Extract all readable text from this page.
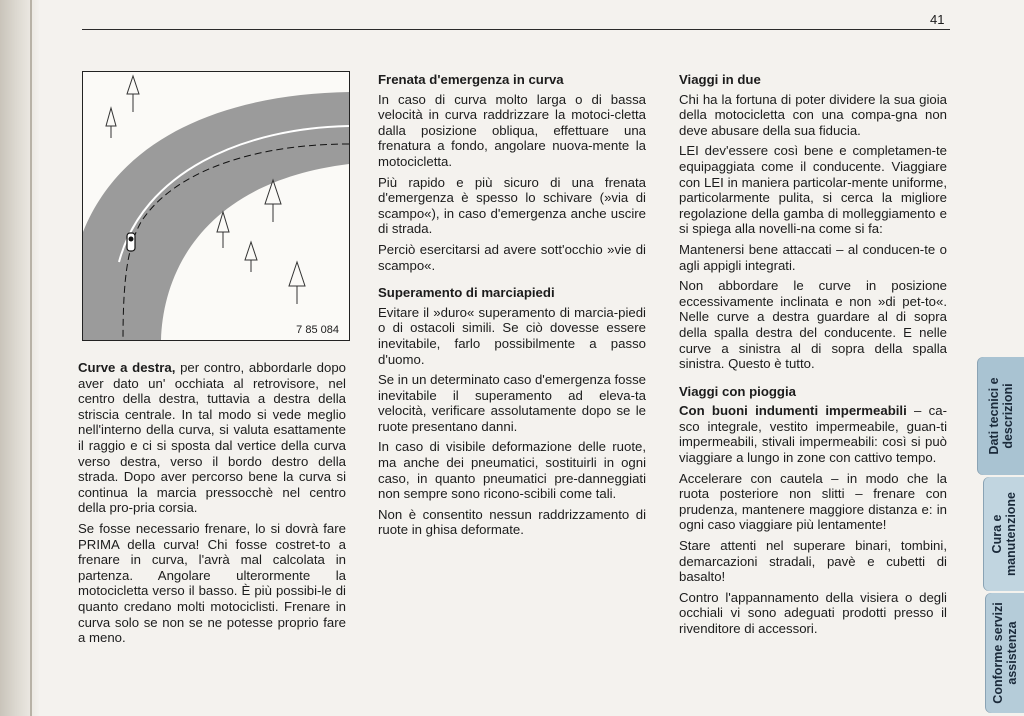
41
7 85 084

Curve a destra, per contro, abbordarle dopo aver dato un' occhiata al retrovisore, nel centro della destra, tuttavia a destra della striscia centrale. In tal modo si vede meglio nell'interno della curva, si valuta esattamente il raggio e ci si sposta dal vertice della curva verso destra, verso il bordo destro della strada. Dopo aver percorso bene la curva si continua la marcia pressocchè nel centro della pro-pria corsia.

Se fosse necessario frenare, lo si dovrà fare PRIMA della curva! Chi fosse costret-to a frenare in curva, l'avrà mal calcolata in partenza. Angolare ulterormente la motocicletta verso il basso. È più possibi-le di quanto credano molti motociclisti. Frenare in curva solo se non se ne potesse proprio fare a meno.

Frenata d'emergenza in curva

In caso di curva molto larga o di bassa velocità in curva raddrizzare la motoci-cletta dalla posizione obliqua, effettuare una frenatura a fondo, angolare nuova-mente la motocicletta.

Più rapido e più sicuro di una frenata d'emergenza è spesso lo schivare (»via di scampo«), in caso d'emergenza anche uscire di strada.

Perciò esercitarsi ad avere sott'occhio »vie di scampo«.

Superamento di marciapiedi

Evitare il »duro« superamento di marcia-piedi o di ostacoli simili. Se ciò dovesse essere inevitabile, farlo possibilmente a passo d'uomo.

Se in un determinato caso d'emergenza fosse inevitabile il superamento ad eleva-ta velocità, verificare assolutamente dopo se le ruote presentano danni.

In caso di visibile deformazione delle ruote, ma anche dei pneumatici, sostituirli in ogni caso, in quanto pneumatici pre-danneggiati non sempre sono ricono-scibili come tali.

Non è consentito nessun raddrizzamento di ruote in ghisa deformate.

Viaggi in due

Chi ha la fortuna di poter dividere la sua gioia della motocicletta con una compa-gna non deve abusare della sua fiducia.

LEI dev'essere così bene e completamen-te equipaggiata come il conducente. Viaggiare con LEI in maniera particolar-mente uniforme, particolarmente pulita, si cerca la migliore regolazione della gamba di molleggiamento e si spiega alla novelli-na come si fa:

Mantenersi bene attaccati – al conducen-te o agli appigli integrati.

Non abbordare le curve in posizione eccessivamente inclinata e non »di pet-to«. Nelle curve a destra guardare al di sopra della spalla destra del conducente. E nelle curve a sinistra al di sopra della spalla sinistra. Questo è tutto.

Viaggi con pioggia

Con buoni indumenti impermeabili – ca-sco integrale, vestito impermeabile, guan-ti impermeabili, stivali impermeabili: così si può viaggiare a lungo in zone con cattivo tempo.

Accelerare con cautela – in modo che la ruota posteriore non slitti – frenare con prudenza, mantenere maggiore distanza e: in ogni caso viaggiare più lentamente!

Stare attenti nel superare binari, tombini, demarcazioni stradali, pavè e cubetti di basalto!

Contro l'appannamento della visiera o degli occhiali vi sono adeguati prodotti presso il rivenditore di accessori.

Dati tecnici e descrizioni
Cura e manutenzione
Conforme servizi assistenza
